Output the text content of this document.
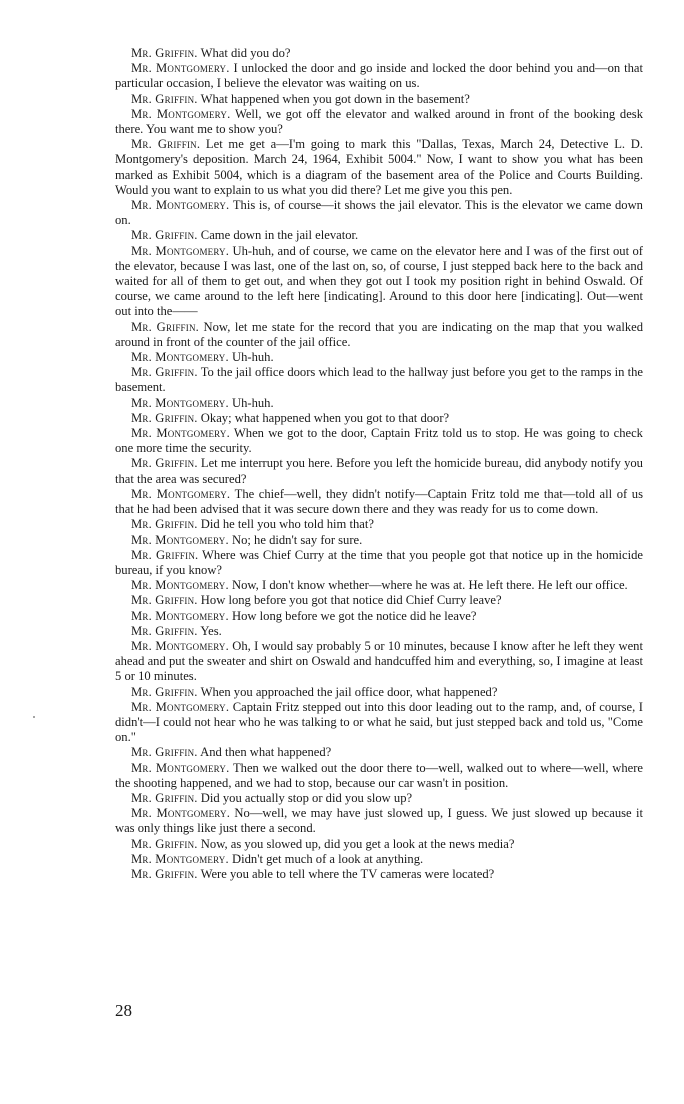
Mr. Griffin. What did you do?

Mr. Montgomery. I unlocked the door and go inside and locked the door behind you and—on that particular occasion, I believe the elevator was waiting on us.

Mr. Griffin. What happened when you got down in the basement?

Mr. Montgomery. Well, we got off the elevator and walked around in front of the booking desk there. You want me to show you?

Mr. Griffin. Let me get a—I'm going to mark this "Dallas, Texas, March 24, Detective L. D. Montgomery's deposition. March 24, 1964, Exhibit 5004." Now, I want to show you what has been marked as Exhibit 5004, which is a diagram of the basement area of the Police and Courts Building. Would you want to explain to us what you did there? Let me give you this pen.

Mr. Montgomery. This is, of course—it shows the jail elevator. This is the elevator we came down on.

Mr. Griffin. Came down in the jail elevator.

Mr. Montgomery. Uh-huh, and of course, we came on the elevator here and I was of the first out of the elevator, because I was last, one of the last on, so, of course, I just stepped back here to the back and waited for all of them to get out, and when they got out I took my position right in behind Oswald. Of course, we came around to the left here [indicating]. Around to this door here [indicating]. Out—went out into the——

Mr. Griffin. Now, let me state for the record that you are indicating on the map that you walked around in front of the counter of the jail office.

Mr. Montgomery. Uh-huh.

Mr. Griffin. To the jail office doors which lead to the hallway just before you get to the ramps in the basement.

Mr. Montgomery. Uh-huh.

Mr. Griffin. Okay; what happened when you got to that door?

Mr. Montgomery. When we got to the door, Captain Fritz told us to stop. He was going to check one more time the security.

Mr. Griffin. Let me interrupt you here. Before you left the homicide bureau, did anybody notify you that the area was secured?

Mr. Montgomery. The chief—well, they didn't notify—Captain Fritz told me that—told all of us that he had been advised that it was secure down there and they was ready for us to come down.

Mr. Griffin. Did he tell you who told him that?

Mr. Montgomery. No; he didn't say for sure.

Mr. Griffin. Where was Chief Curry at the time that you people got that notice up in the homicide bureau, if you know?

Mr. Montgomery. Now, I don't know whether—where he was at. He left there. He left our office.

Mr. Griffin. How long before you got that notice did Chief Curry leave?

Mr. Montgomery. How long before we got the notice did he leave?

Mr. Griffin. Yes.

Mr. Montgomery. Oh, I would say probably 5 or 10 minutes, because I know after he left they went ahead and put the sweater and shirt on Oswald and handcuffed him and everything, so, I imagine at least 5 or 10 minutes.

Mr. Griffin. When you approached the jail office door, what happened?

Mr. Montgomery. Captain Fritz stepped out into this door leading out to the ramp, and, of course, I didn't—I could not hear who he was talking to or what he said, but just stepped back and told us, "Come on."

Mr. Griffin. And then what happened?

Mr. Montgomery. Then we walked out the door there to—well, walked out to where—well, where the shooting happened, and we had to stop, because our car wasn't in position.

Mr. Griffin. Did you actually stop or did you slow up?

Mr. Montgomery. No—well, we may have just slowed up, I guess. We just slowed up because it was only things like just there a second.

Mr. Griffin. Now, as you slowed up, did you get a look at the news media?

Mr. Montgomery. Didn't get much of a look at anything.

Mr. Griffin. Were you able to tell where the TV cameras were located?

28
